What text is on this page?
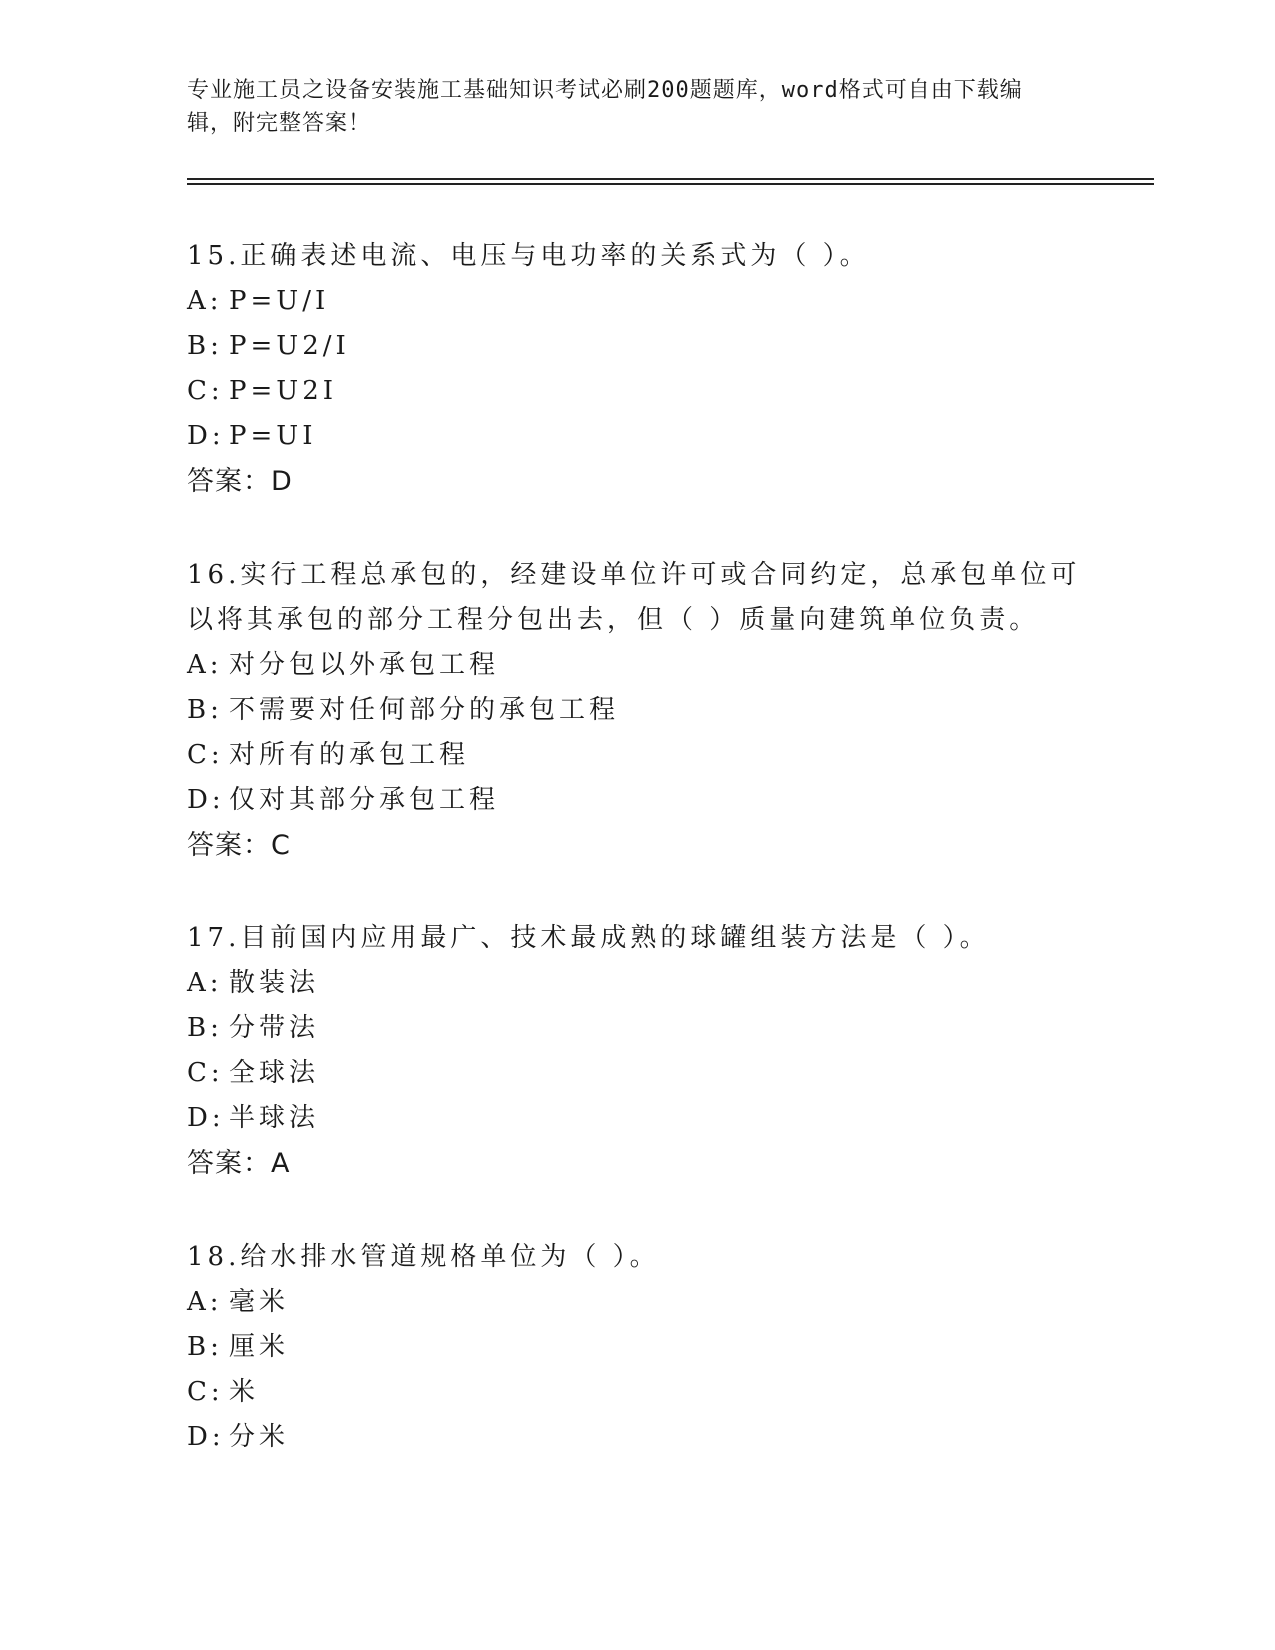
专业施工员之设备安装施工基础知识考试必刷200题题库，word格式可自由下载编辑，附完整答案！

15.正确表述电流、电压与电功率的关系式为（ ）。

A: P=U/I

B: P=U2/I

C: P=U2I

D: P=UI

答案：D

16.实行工程总承包的，经建设单位许可或合同约定，总承包单位可以将其承包的部分工程分包出去，但（ ）质量向建筑单位负责。

A: 对分包以外承包工程

B: 不需要对任何部分的承包工程

C: 对所有的承包工程

D: 仅对其部分承包工程

答案：C

17.目前国内应用最广、技术最成熟的球罐组装方法是（ ）。

A: 散装法

B: 分带法

C: 全球法

D: 半球法

答案：A

18.给水排水管道规格单位为（ ）。

A: 毫米

B: 厘米

C: 米

D: 分米
